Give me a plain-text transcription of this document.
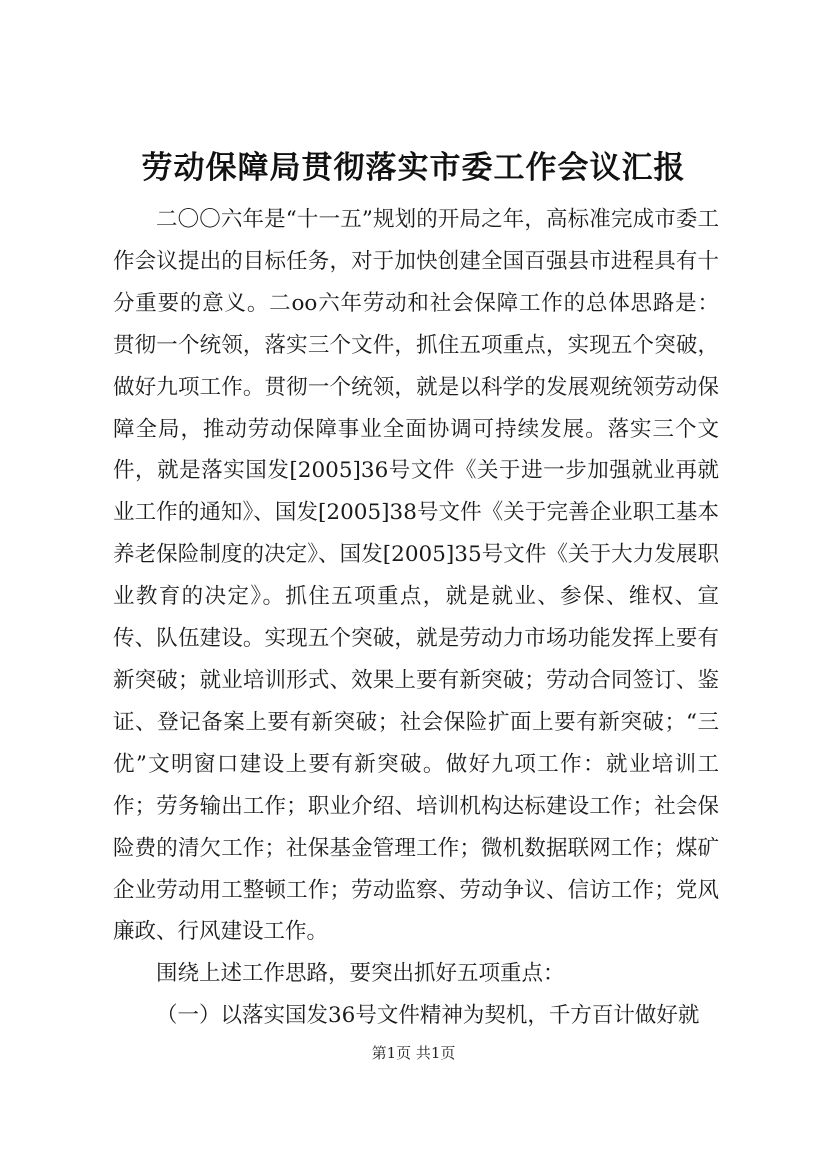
劳动保障局贯彻落实市委工作会议汇报

二〇〇六年是“十一五”规划的开局之年，高标准完成市委工作会议提出的目标任务，对于加快创建全国百强县市进程具有十分重要的意义。二oo六年劳动和社会保障工作的总体思路是：贯彻一个统领，落实三个文件，抓住五项重点，实现五个突破，做好九项工作。贯彻一个统领，就是以科学的发展观统领劳动保障全局，推动劳动保障事业全面协调可持续发展。落实三个文件，就是落实国发[2005]36号文件《关于进一步加强就业再就业工作的通知》、国发[2005]38号文件《关于完善企业职工基本养老保险制度的决定》、国发[2005]35号文件《关于大力发展职业教育的决定》。抓住五项重点，就是就业、参保、维权、宣传、队伍建设。实现五个突破，就是劳动力市场功能发挥上要有新突破；就业培训形式、效果上要有新突破；劳动合同签订、鉴证、登记备案上要有新突破；社会保险扩面上要有新突破；“三优”文明窗口建设上要有新突破。做好九项工作：就业培训工作；劳务输出工作；职业介绍、培训机构达标建设工作；社会保险费的清欠工作；社保基金管理工作；微机数据联网工作；煤矿企业劳动用工整顿工作；劳动监察、劳动争议、信访工作；党风廉政、行风建设工作。

围绕上述工作思路，要突出抓好五项重点：

（一）以落实国发36号文件精神为契机，千方百计做好就

第1页 共1页
